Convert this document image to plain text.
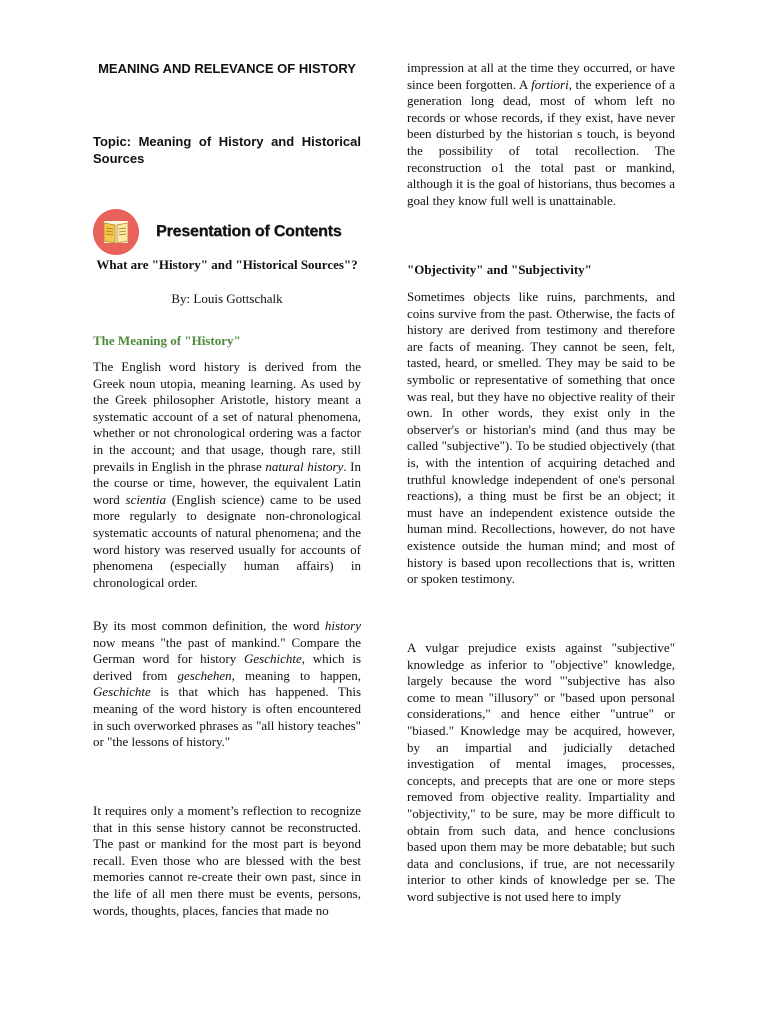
MEANING AND RELEVANCE OF HISTORY
Topic: Meaning of History and Historical Sources
Presentation of Contents
What are "History" and "Historical Sources"?
By: Louis Gottschalk
The Meaning of "History"

The English word history is derived from the Greek noun utopia, meaning learning. As used by the Greek philosopher Aristotle, history meant a systematic account of a set of natural phenomena, whether or not chronological ordering was a factor in the account; and that usage, though rare, still prevails in English in the phrase natural history. In the course or time, however, the equivalent Latin word scientia (English science) came to be used more regularly to designate non-chronological systematic accounts of natural phenomena; and the word history was reserved usually for accounts of phenomena (especially human affairs) in chronological order.

By its most common definition, the word history now means "the past of mankind." Compare the German word for history Geschichte, which is derived from geschehen, meaning to happen, Geschichte is that which has happened. This meaning of the word history is often encountered in such overworked phrases as "all history teaches" or "the lessons of history."

It requires only a moment’s reflection to recognize that in this sense history cannot be reconstructed. The past or mankind for the most part is beyond recall. Even those who are blessed with the best memories cannot re-create their own past, since in the life of all men there must be events, persons, words, thoughts, places, fancies that made no

impression at all at the time they occurred, or have since been forgotten. A fortiori, the experience of a generation long dead, most of whom left no records or whose records, if they exist, have never been disturbed by the historian s touch, is beyond the possibility of total recollection. The reconstruction o1 the total past or mankind, although it is the goal of historians, thus becomes a goal they know full well is unattainable.

"Objectivity" and "Subjectivity"

Sometimes objects like ruins, parchments, and coins survive from the past. Otherwise, the facts of history are derived from testimony and therefore are facts of meaning. They cannot be seen, felt, tasted, heard, or smelled. They may be said to be symbolic or representative of something that once was real, but they have no objective reality of their own. In other words, they exist only in the observer's or historian's mind (and thus may be called "subjective"). To be studied objectively (that is, with the intention of acquiring detached and truthful knowledge independent of one's personal reactions), a thing must be first be an object; it must have an independent existence outside the human mind. Recollections, however, do not have existence outside the human mind; and most of history is based upon recollections that is, written or spoken testimony.

A vulgar prejudice exists against "subjective" knowledge as inferior to "objective" knowledge, largely because the word "'subjective has also come to mean "illusory" or "based upon personal considerations," and hence either "untrue" or "biased." Knowledge may be acquired, however, by an impartial and judicially detached investigation of mental images, processes, concepts, and precepts that are one or more steps removed from objective reality. Impartiality and "objectivity," to be sure, may be more difficult to obtain from such data, and hence conclusions based upon them may be more debatable; but such data and conclusions, if true, are not necessarily interior to other kinds of knowledge per se. The word subjective is not used here to imply
